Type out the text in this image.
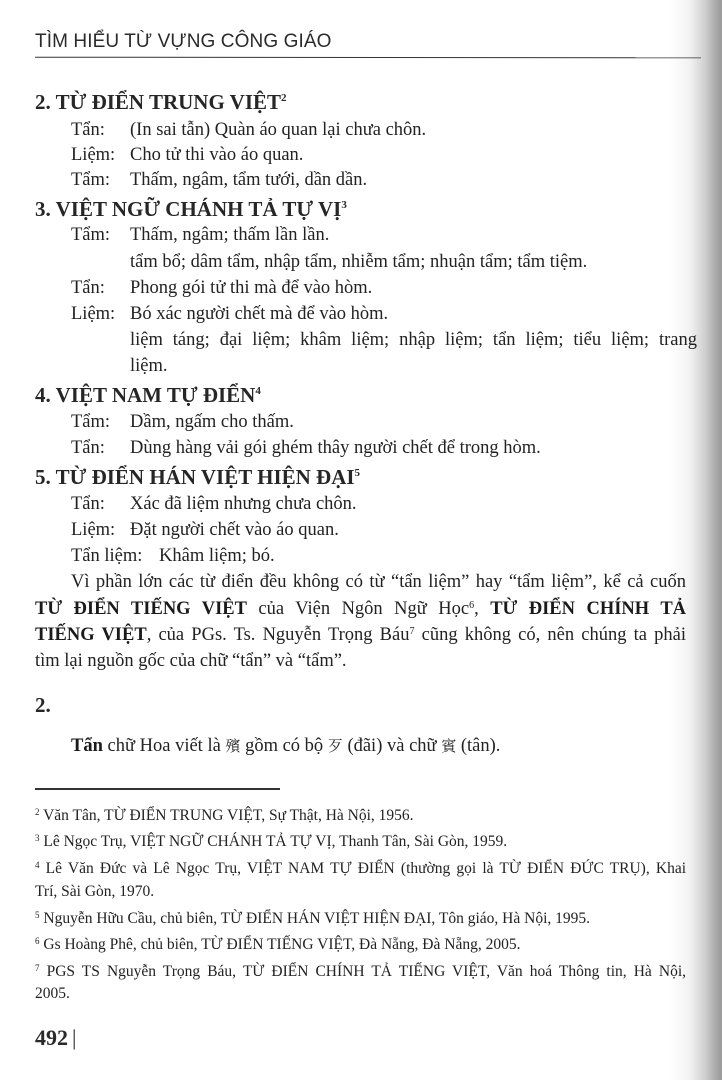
TÌM HIỂU TỪ VỰNG CÔNG GIÁO
2. TỪ ĐIỂN TRUNG VIỆT$^2$
Tẩn: (In sai tẫn) Quàn áo quan lại chưa chôn.
Liệm: Cho tử thi vào áo quan.
Tẩm: Thấm, ngâm, tẩm tưới, dần dần.
3. VIỆT NGỮ CHÁNH TẢ TỰ VỊ$^3$
Tẩm: Thấm, ngâm; thấm lần lần.
tẩm bổ; dâm tẩm, nhập tẩm, nhiễm tẩm; nhuận tẩm; tẩm tiệm.
Tẩn: Phong gói tử thi mà để vào hòm.
Liệm: Bó xác người chết mà để vào hòm.
liệm táng; đại liệm; khâm liệm; nhập liệm; tẩn liệm; tiểu liệm; trang
liệm.
4. VIỆT NAM TỰ ĐIỂN$^4$
Tẩm: Dầm, ngấm cho thấm.
Tẩn: Dùng hàng vải gói ghém thây người chết để trong hòm.
5. TỪ ĐIỂN HÁN VIỆT HIỆN ĐẠI$^5$
Tẩn: Xác đã liệm nhưng chưa chôn.
Liệm: Đặt người chết vào áo quan.
Tẩn liệm: Khâm liệm; bó.
Vì phần lớn các từ điển đều không có từ “tẩn liệm” hay “tẩm liệm”, kể cả cuốn
TỪ ĐIỂN TIẾNG VIỆT của Viện Ngôn Ngữ Học$^6$, TỪ ĐIỂN CHÍNH TẢ
TIẾNG VIỆT, của PGs. Ts. Nguyễn Trọng Báu$^7$ cũng không có, nên chúng ta phải
tìm lại nguồn gốc của chữ “tẩn” và “tẩm”.
2.
Tẩn chữ Hoa viết là 殯 gồm có bộ 歹 (đãi) và chữ 賓 (tân).
$^2$ Văn Tân, TỪ ĐIỂN TRUNG VIỆT, Sự Thật, Hà Nội, 1956.
$^3$ Lê Ngọc Trụ, VIỆT NGỮ CHÁNH TẢ TỰ VỊ, Thanh Tân, Sài Gòn, 1959.
$^4$ Lê Văn Đức và Lê Ngọc Trụ, VIỆT NAM TỰ ĐIỂN (thường gọi là TỪ ĐIỂN ĐỨC TRỤ), Khai
Trí, Sài Gòn, 1970.
$^5$ Nguyễn Hữu Cầu, chủ biên, TỪ ĐIỂN HÁN VIỆT HIỆN ĐẠI, Tôn giáo, Hà Nội, 1995.
$^6$ Gs Hoàng Phê, chủ biên, TỪ ĐIỂN TIẾNG VIỆT, Đà Nẵng, Đà Nẵng, 2005.
$^7$ PGS TS Nguyễn Trọng Báu, TỪ ĐIỂN CHÍNH TẢ TIẾNG VIỆT, Văn hoá Thông tin, Hà Nội,
2005.
492 |
